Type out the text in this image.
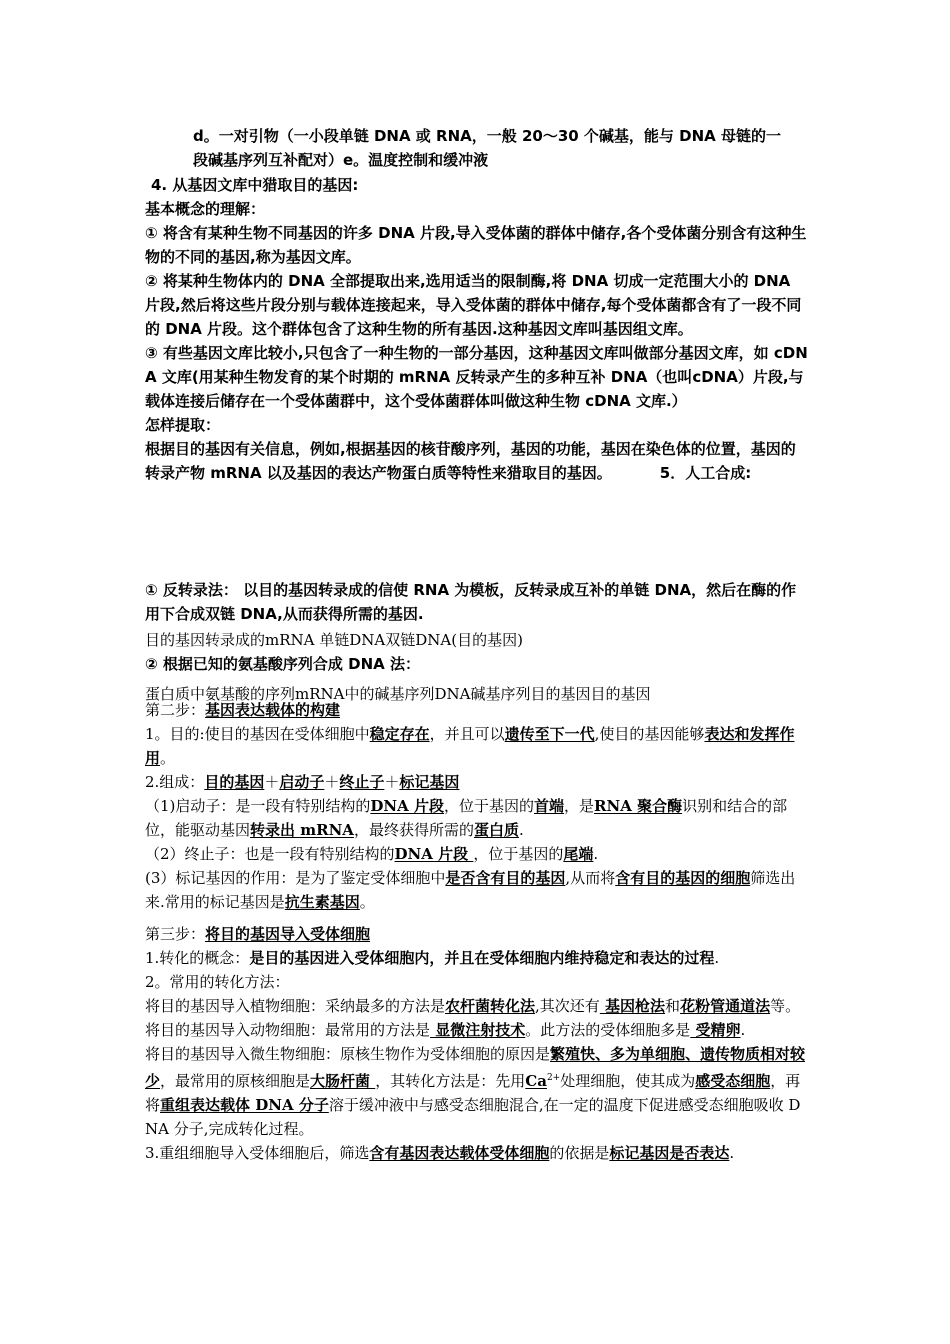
d。一对引物（一小段单链 DNA 或 RNA，一般 20～30 个碱基，能与 DNA 母链的一

段碱基序列互补配对）e。温度控制和缓冲液

4. 从基因文库中猎取目的基因:

基本概念的理解：

① 将含有某种生物不同基因的许多 DNA 片段,导入受体菌的群体中储存,各个受体菌分别含有这种生物的不同的基因,称为基因文库。

② 将某种生物体内的 DNA 全部提取出来,选用适当的限制酶,将 DNA 切成一定范围大小的 DNA 片段,然后将这些片段分别与载体连接起来，导入受体菌的群体中储存,每个受体菌都含有了一段不同的 DNA 片段。这个群体包含了这种生物的所有基因.这种基因文库叫基因组文库。

③ 有些基因文库比较小,只包含了一种生物的一部分基因，这种基因文库叫做部分基因文库，如 cDNA 文库(用某种生物发育的某个时期的 mRNA 反转录产生的多种互补 DNA（也叫cDNA）片段,与载体连接后储存在一个受体菌群中，这个受体菌群体叫做这种生物 cDNA 文库.）

怎样提取：

根据目的基因有关信息，例如,根据基因的核苷酸序列，基因的功能，基因在染色体的位置，基因的转录产物 mRNA 以及基因的表达产物蛋白质等特性来猎取目的基因。	5．人工合成:

① 反转录法： 以目的基因转录成的信使 RNA 为模板，反转录成互补的单链 DNA，然后在酶的作用下合成双链 DNA,从而获得所需的基因.

目的基因转录成的mRNA 单链DNA双链DNA(目的基因)

② 根据已知的氨基酸序列合成 DNA 法：

蛋白质中氨基酸的序列mRNA中的碱基序列DNA碱基序列目的基因目的基因

第二步：基因表达载体的构建

1。目的:使目的基因在受体细胞中稳定存在，并且可以遗传至下一代,使目的基因能够表达和发挥作用。

2.组成：目的基因＋启动子＋终止子＋标记基因

（1)启动子：是一段有特别结构的DNA 片段，位于基因的首端，是RNA 聚合酶识别和结合的部位，能驱动基因转录出 mRNA，最终获得所需的蛋白质.

（2）终止子：也是一段有特别结构的DNA 片段 ，位于基因的尾端.

(3）标记基因的作用：是为了鉴定受体细胞中是否含有目的基因,从而将含有目的基因的细胞筛选出来.常用的标记基因是抗生素基因。

第三步：将目的基因导入受体细胞

1.转化的概念：是目的基因进入受体细胞内，并且在受体细胞内维持稳定和表达的过程.

2。常用的转化方法：

将目的基因导入植物细胞：采纳最多的方法是农杆菌转化法,其次还有 基因枪法和花粉管通道法等。

将目的基因导入动物细胞：最常用的方法是 显微注射技术。此方法的受体细胞多是 受精卵.

将目的基因导入微生物细胞：原核生物作为受体细胞的原因是繁殖快、多为单细胞、遗传物质相对较少，最常用的原核细胞是大肠杆菌 ，其转化方法是：先用$Ca^{2+}$处理细胞，使其成为感受态细胞，再将重组表达载体 DNA 分子溶于缓冲液中与感受态细胞混合,在一定的温度下促进感受态细胞吸收 DNA 分子,完成转化过程。

3.重组细胞导入受体细胞后，筛选含有基因表达载体受体细胞的依据是标记基因是否表达.
